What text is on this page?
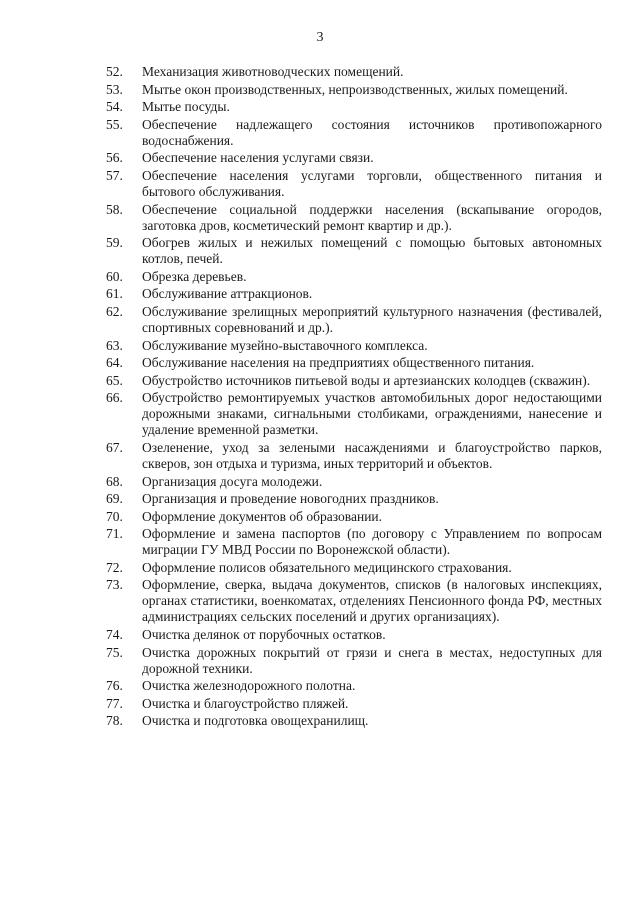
3
52.	Механизация животноводческих помещений.
53.	Мытье окон производственных, непроизводственных, жилых помещений.
54.	Мытье посуды.
55.	Обеспечение надлежащего состояния источников противопожарного водоснабжения.
56.	Обеспечение населения услугами связи.
57.	Обеспечение населения услугами торговли, общественного питания и бытового обслуживания.
58.	Обеспечение социальной поддержки населения (вскапывание огородов, заготовка дров, косметический ремонт квартир и др.).
59.	Обогрев жилых и нежилых помещений с помощью бытовых автономных котлов, печей.
60.	Обрезка деревьев.
61.	Обслуживание аттракционов.
62.	Обслуживание зрелищных мероприятий культурного назначения (фестивалей, спортивных соревнований и др.).
63.	Обслуживание музейно-выставочного комплекса.
64.	Обслуживание населения на предприятиях общественного питания.
65.	Обустройство источников питьевой воды и артезианских колодцев (скважин).
66.	Обустройство ремонтируемых участков автомобильных дорог недостающими дорожными знаками, сигнальными столбиками, ограждениями, нанесение и удаление временной разметки.
67.	Озеленение, уход за зелеными насаждениями и благоустройство парков, скверов, зон отдыха и туризма, иных территорий и объектов.
68.	Организация досуга молодежи.
69.	Организация и проведение новогодних праздников.
70.	Оформление документов об образовании.
71.	Оформление и замена паспортов (по договору с Управлением по вопросам миграции ГУ МВД России по Воронежской области).
72.	Оформление полисов обязательного медицинского страхования.
73.	Оформление, сверка, выдача документов, списков (в налоговых инспекциях, органах статистики, военкоматах, отделениях Пенсионного фонда РФ, местных администрациях сельских поселений и других организациях).
74.	Очистка делянок от порубочных остатков.
75.	Очистка дорожных покрытий от грязи и снега в местах, недоступных для дорожной техники.
76.	Очистка железнодорожного полотна.
77.	Очистка и благоустройство пляжей.
78.	Очистка и подготовка овощехранилищ.
